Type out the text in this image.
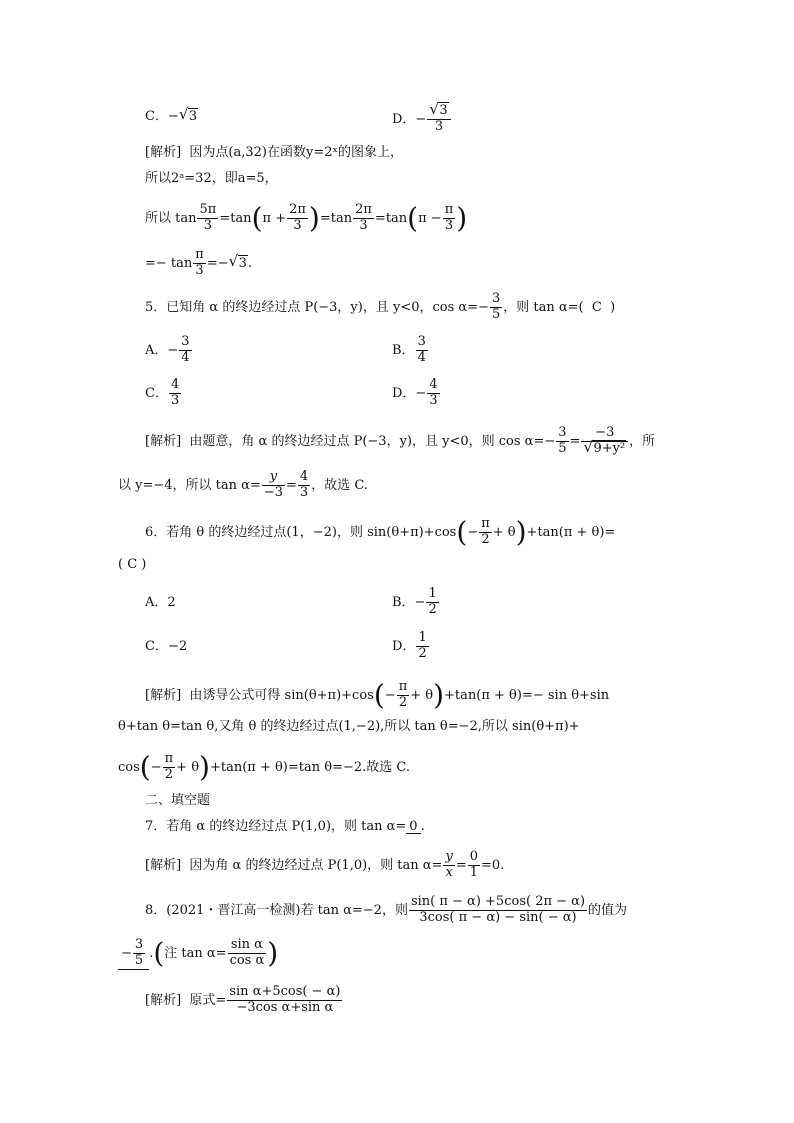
C．− √ 3	D．− $\frac{√ 3}{3}$
[解析] 因为点(a,32)在函数y=2ˣ的图象上，
所以2ᵃ=32，即a=5，
所以 $\tan \frac{5\pi}{3} =\tan(\pi + \frac{2\pi}{3} )=\tan \frac{2\pi}{3} =\tan(\pi - \frac{\pi}{3}$ )
=− $\tan \frac{\pi}{3}$ =− √ 3.
5．已知角 α 的终边经过点 P(−3，y)，且 y<0，$\cos \alpha=- \frac{3}{5}$ ，则 tan α=( C )
A．− $\frac{3}{4}$	B． $\frac{3}{4}$
C． $\frac{4}{3}$	D．− $\frac{4}{3}$
[解析] 由题意，角 α 的终边经过点 P(−3，y)，且 y<0，则 $\cos \alpha=- \frac{3}{5} = \frac{-3}{\text{√ 9+y²}}$ ，所
以 y=−4，所以 $\tan \alpha= \frac{y}{-3} = \frac{4}{3}$ ，故选 C.
6．若角 θ 的终边经过点(1，−2)，则 $\sin(\theta+\pi)+\cos(- \frac{\pi}{2} + \theta)+\tan(\pi + \theta)=$
( C )
A．2	B．− $\frac{1}{2}$
C．−2	D． $\frac{1}{2}$
[解析] 由诱导公式可得 $\sin(\theta+\pi)+\cos(- \frac{\pi}{2} + \theta)+\tan(\pi + \theta)=- \sin \theta+\sin$
θ+tan θ=tan θ,又角 θ 的终边经过点(1,−2),所以 tan θ=−2,所以 sin(θ+π)+
$\cos(- \frac{\pi}{2} + \theta)+\tan(\pi + \theta)=\tan$ θ=−2.故选 C.
二、填空题
7．若角 α 的终边经过点 P(1,0)，则 tan α= 0 .
[解析] 因为角 α 的终边经过点 P(1,0)，则 $\tan \alpha= \frac{y}{x} = \frac{0}{1} =0$.
8．(2021・晋江高一检测)若 tan α=−2，则 $\frac{\sin( \pi - \alpha) +5\cos( 2\pi - \alpha)}{3\cos( \pi - \alpha) - \sin( - \alpha)}$ 的值为
− $\frac{3}{5}$ .(注 $\tan \alpha= \frac{\text{sin α}}{\text{cos α}}$ )
[解析] 原式= $\frac{\text{sin α+5cos( − α)}}{\text{−3cos α+sin α}}$
